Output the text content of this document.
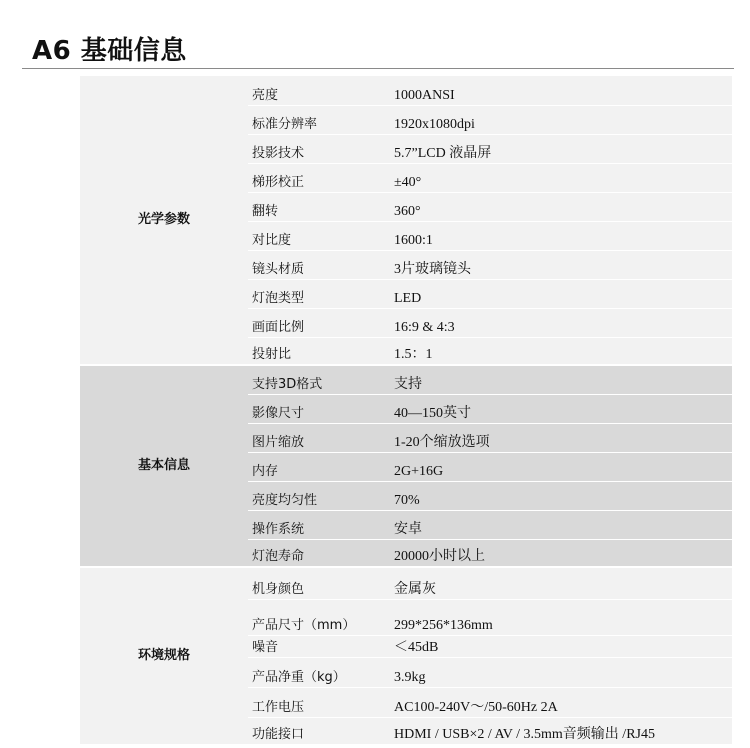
A6 基础信息
光学参数	亮度	1000ANSI
	标准分辨率	1920x1080dpi
	投影技术	5.7”LCD 液晶屏
	梯形校正	±40°
	翻转	360°
	对比度	1600:1
	镜头材质	3片玻璃镜头
	灯泡类型	LED
	画面比例	16:9 & 4:3
	投射比	1.5：1
基本信息	支持3D格式	支持
	影像尺寸	40—150英寸
	图片缩放	1-20个缩放选项
	内存	2G+16G
	亮度均匀性	70%
	操作系统	安卓
	灯泡寿命	20000小时以上
环境规格	机身颜色	金属灰
	产品尺寸（mm）	299*256*136mm
	噪音	＜45dB
	产品净重（kg）	3.9kg
	工作电压	AC100-240V～/50-60Hz 2A
	功能接口	HDMI / USB×2 / AV / 3.5mm音频输出 /RJ45
